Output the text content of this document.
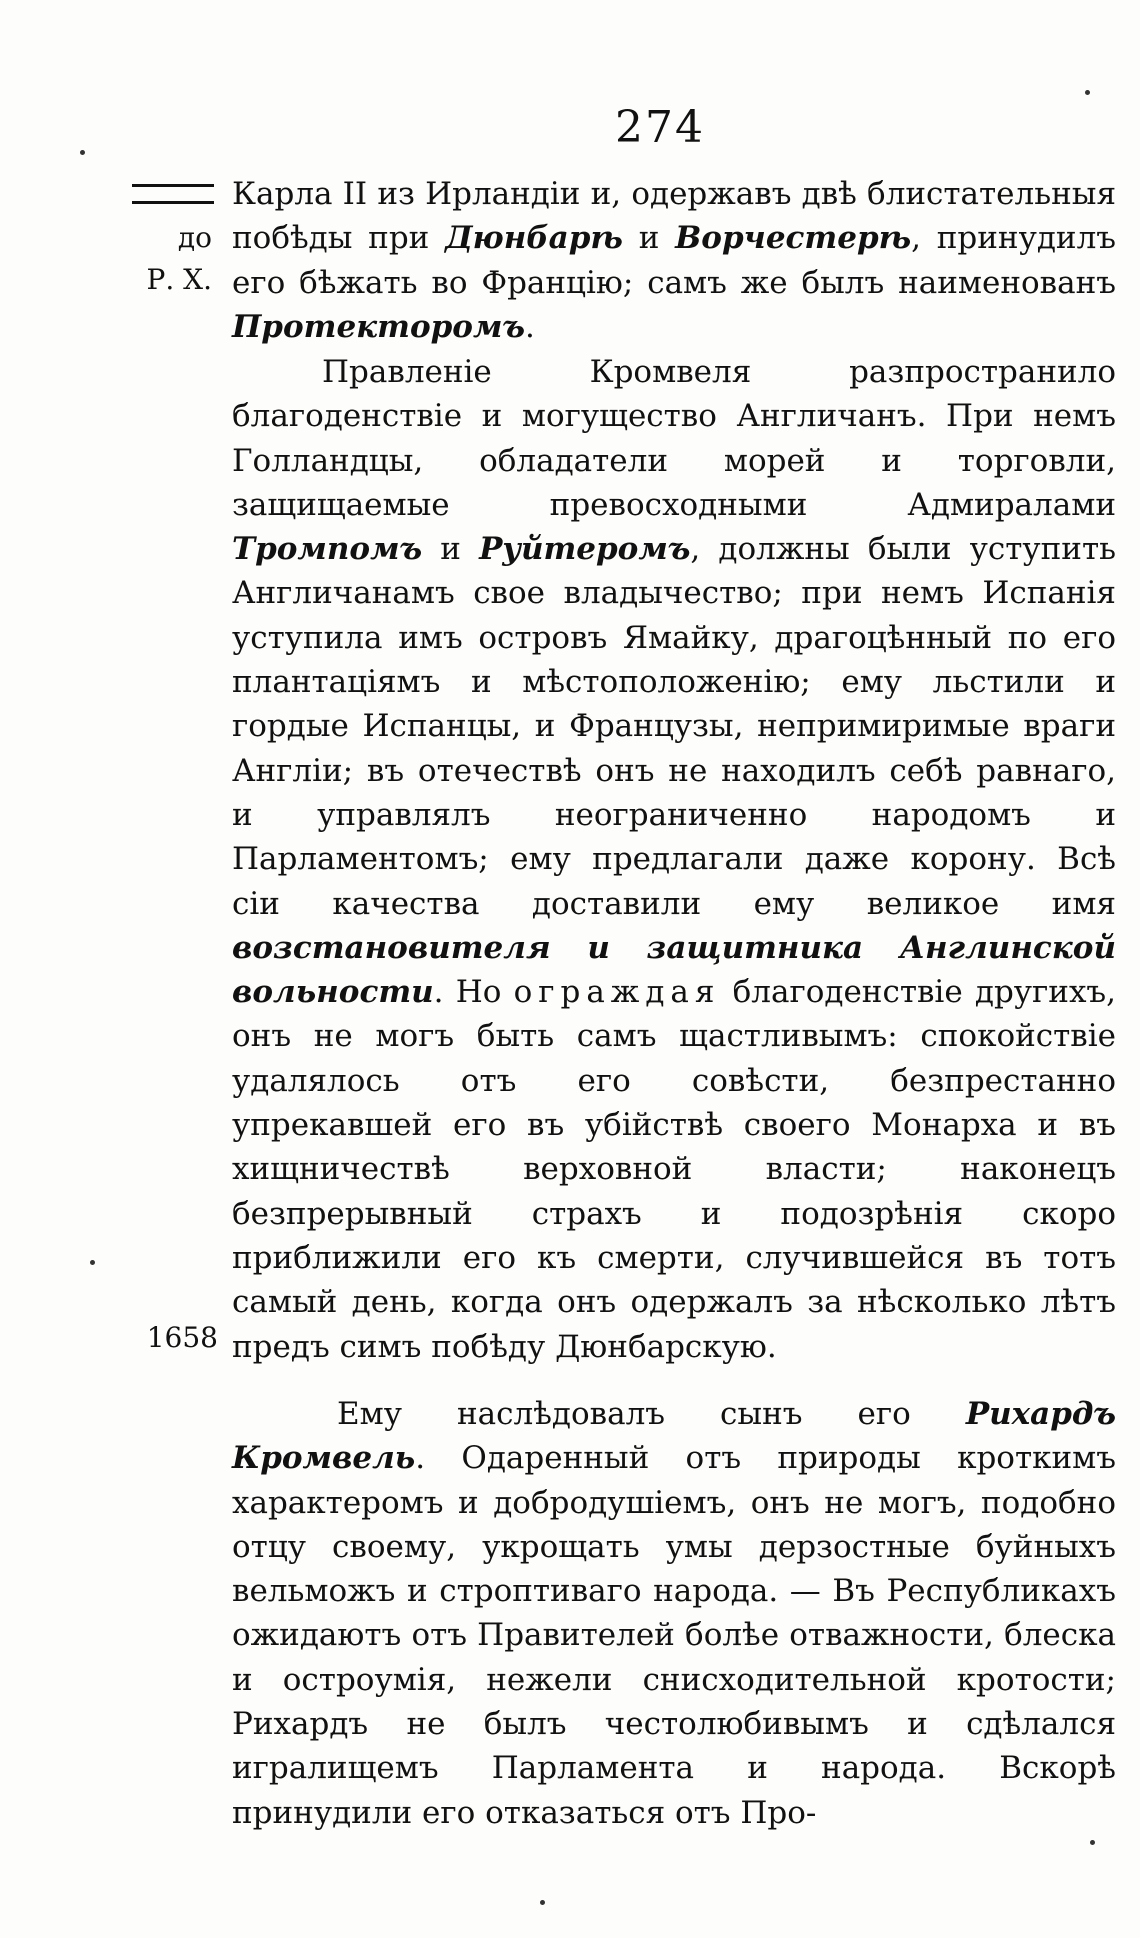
274
до
Р. Х.
1658
Карла II из Ирландіи и, одержавъ двѣ блистательныя побѣды при Дюнбарѣ и Ворчестерѣ, принудилъ его бѣжать во Францію; самъ же былъ наименованъ Протекторомъ.
Правленіе Кромвеля разпространило благоденствіе и могущество Англичанъ. При немъ Голландцы, обладатели морей и торговли, защищаемые превосходными Адмиралами Тромпомъ и Руйтеромъ, должны были уступить Англичанамъ свое владычество; при немъ Испанія уступила имъ островъ Ямайку, драгоцѣнный по его плантаціямъ и мѣстоположенію; ему льстили и гордые Испанцы, и Французы, непримиримые враги Англіи; въ отечествѣ онъ не находилъ себѣ равнаго, и управлялъ неограниченно народомъ и Парламентомъ; ему предлагали даже корону. Всѣ сіи качества доставили ему великое имя возстановителя и защитника Англинской вольности. Но ограждая благоденствіе другихъ, онъ не могъ быть самъ щастливымъ: спокойствіе удалялось отъ его совѣсти, безпрестанно упрекавшей его въ убійствѣ своего Монарха и въ хищничествѣ верховной власти; наконецъ безпрерывный страхъ и подозрѣнія скоро приближили его къ смерти, случившейся въ тотъ самый день, когда онъ одержалъ за нѣсколько лѣтъ предъ симъ побѣду Дюнбарскую.
Ему наслѣдовалъ сынъ его Рихардъ Кромвель. Одаренный отъ природы кроткимъ характеромъ и добродушіемъ, онъ не могъ, подобно отцу своему, укрощать умы дерзостные буйныхъ вельможъ и строптиваго народа. — Въ Республикахъ ожидаютъ отъ Правителей болѣе отважности, блеска и остроумія, нежели снисходительной кротости; Рихардъ не былъ честолюбивымъ и сдѣлался игралищемъ Парламента и народа. Вскорѣ принудили его отказаться отъ Про-
